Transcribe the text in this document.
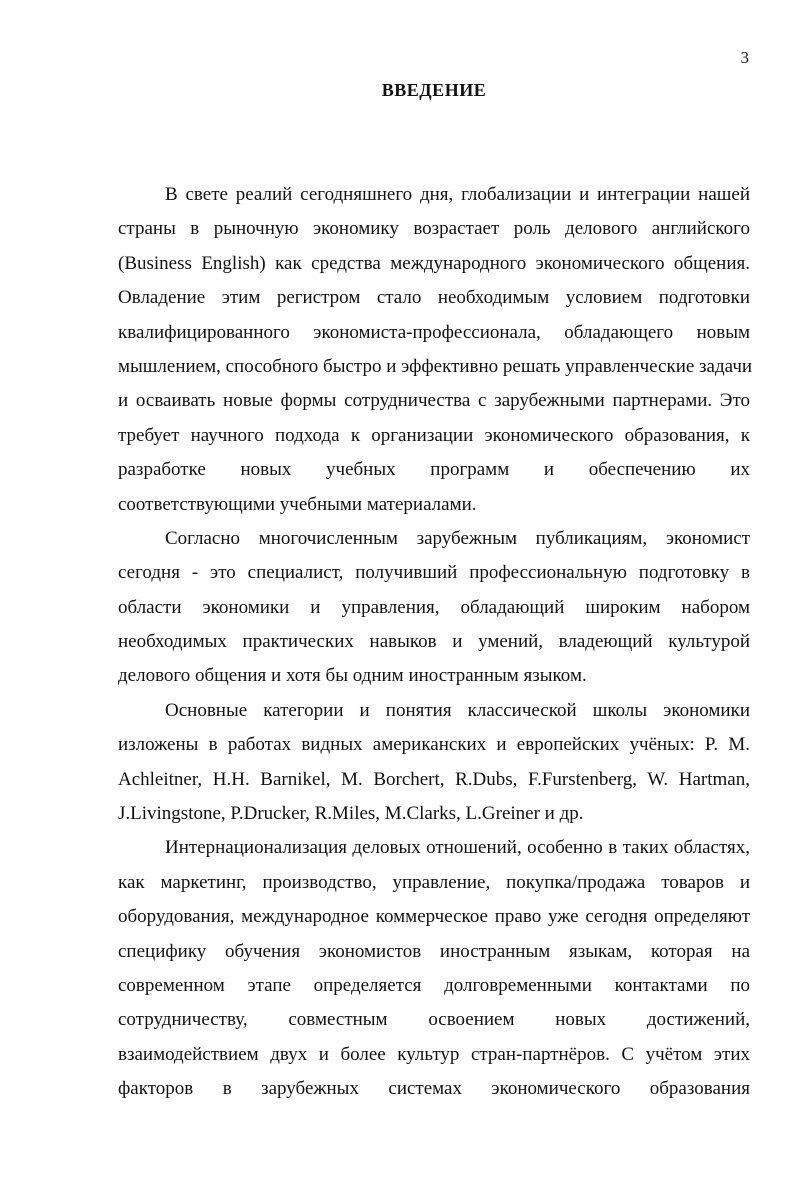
3
ВВЕДЕНИЕ
В свете реалий сегодняшнего дня, глобализации и интеграции нашей
страны в рыночную экономику возрастает роль делового английского
(Business English) как средства международного экономического общения.
Овладение этим регистром стало необходимым условием подготовки
квалифицированного экономиста-профессионала, обладающего новым
мышлением, способного быстро и эффективно решать управленческие задачи
и осваивать новые формы сотрудничества с зарубежными партнерами. Это
требует научного подхода к организации экономического образования, к
разработке новых учебных программ и обеспечению их
соответствующими учебными материалами.
Согласно многочисленным зарубежным публикациям, экономист
сегодня - это специалист, получивший профессиональную подготовку в
области экономики и управления, обладающий широким набором
необходимых практических навыков и умений, владеющий культурой
делового общения и хотя бы одним иностранным языком.
Основные категории и понятия классической школы экономики
изложены в работах видных американских и европейских учёных: P. M.
Achleitner, H.H. Barnikel, M. Borchert, R.Dubs, F.Furstenberg, W. Hartman,
J.Livingstone, P.Drucker, R.Miles, M.Clarks, L.Greiner и др.
Интернационализация деловых отношений, особенно в таких областях,
как маркетинг, производство, управление, покупка/продажа товаров и
оборудования, международное коммерческое право уже сегодня определяют
специфику обучения экономистов иностранным языкам, которая на
современном этапе определяется долговременными контактами по
сотрудничеству, совместным освоением новых достижений,
взаимодействием двух и более культур стран-партнёров. С учётом этих
факторов в зарубежных системах экономического образования
